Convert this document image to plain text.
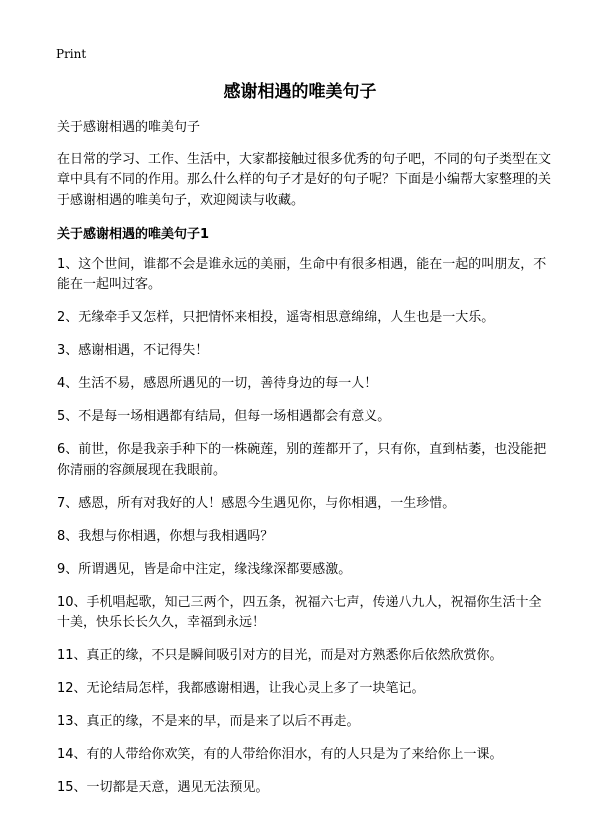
Print
感谢相遇的唯美句子

关于感谢相遇的唯美句子

在日常的学习、工作、生活中，大家都接触过很多优秀的句子吧，不同的句子类型在文章中具有不同的作用。那么什么样的句子才是好的句子呢？下面是小编帮大家整理的关于感谢相遇的唯美句子，欢迎阅读与收藏。

关于感谢相遇的唯美句子1

1、这个世间，谁都不会是谁永远的美丽，生命中有很多相遇，能在一起的叫朋友，不能在一起叫过客。

2、无缘牵手又怎样，只把情怀来相投，遥寄相思意绵绵，人生也是一大乐。

3、感谢相遇，不记得失！

4、生活不易，感恩所遇见的一切，善待身边的每一人！

5、不是每一场相遇都有结局，但每一场相遇都会有意义。

6、前世，你是我亲手种下的一株碗莲，别的莲都开了，只有你，直到枯萎，也没能把你清丽的容颜展现在我眼前。

7、感恩，所有对我好的人！感恩今生遇见你，与你相遇，一生珍惜。

8、我想与你相遇，你想与我相遇吗？

9、所谓遇见，皆是命中注定，缘浅缘深都要感激。

10、手机唱起歌，知己三两个，四五条，祝福六七声，传递八九人，祝福你生活十全十美，快乐长长久久，幸福到永远！

11、真正的缘，不只是瞬间吸引对方的目光，而是对方熟悉你后依然欣赏你。

12、无论结局怎样，我都感谢相遇，让我心灵上多了一块笔记。

13、真正的缘，不是来的早，而是来了以后不再走。

14、有的人带给你欢笑，有的人带给你泪水，有的人只是为了来给你上一课。

15、一切都是天意，遇见无法预见。
